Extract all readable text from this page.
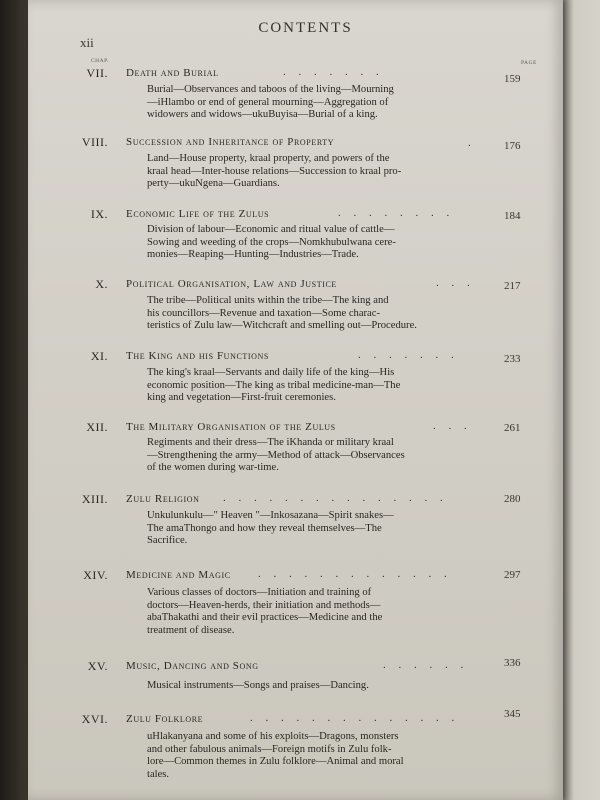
CONTENTS
xii
CHAP.	PAGE
VII. Death and Burial	. . . . . . .
159
Burial—Observances and taboos of the living—Mourning
—iHlambo or end of general mourning—Aggregation of
widowers and widows—ukuBuyisa—Burial of a king.
VIII. Succession and Inheritance of Property	.	176
Land—House property, kraal property, and powers of the
kraal head—Inter-house relations—Succession to kraal pro-
perty—ukuNgena—Guardians.
IX. Economic Life of the Zulus	. . . . . . . .	184
Division of labour—Economic and ritual value of cattle—
Sowing and weeding of the crops—Nomkhubulwana cere-
monies—Reaping—Hunting—Industries—Trade.
X. Political Organisation, Law and Justice	. . .	217
The tribe—Political units within the tribe—The king and
his councillors—Revenue and taxation—Some charac-
teristics of Zulu law—Witchcraft and smelling out—Procedure.
XI. The King and his Functions	. . . . . . .	233
The king's kraal—Servants and daily life of the king—His
economic position—The king as tribal medicine-man—The
king and vegetation—First-fruit ceremonies.
XII. The Military Organisation of the Zulus	. . .	261
Regiments and their dress—The iKhanda or military kraal
—Strengthening the army—Method of attack—Observances
of the women during war-time.
XIII. Zulu Religion . . . . . . . . . . . . . . .	280
Unkulunkulu—" Heaven "—Inkosazana—Spirit snakes—
The amaThongo and how they reveal themselves—The
Sacrifice.
XIV. Medicine and Magic . . . . . . . . . . . . .	297
Various classes of doctors—Initiation and training of
doctors—Heaven-herds, their initiation and methods—
abaThakathi and their evil practices—Medicine and the
treatment of disease.
XV. Music, Dancing and Song	. . . . . .	336
Musical instruments—Songs and praises—Dancing.
XVI. Zulu Folklore	. . . . . . . . . . . . . .	345
uHlakanyana and some of his exploits—Dragons, monsters
and other fabulous animals—Foreign motifs in Zulu folk-
lore—Common themes in Zulu folklore—Animal and moral
tales.
